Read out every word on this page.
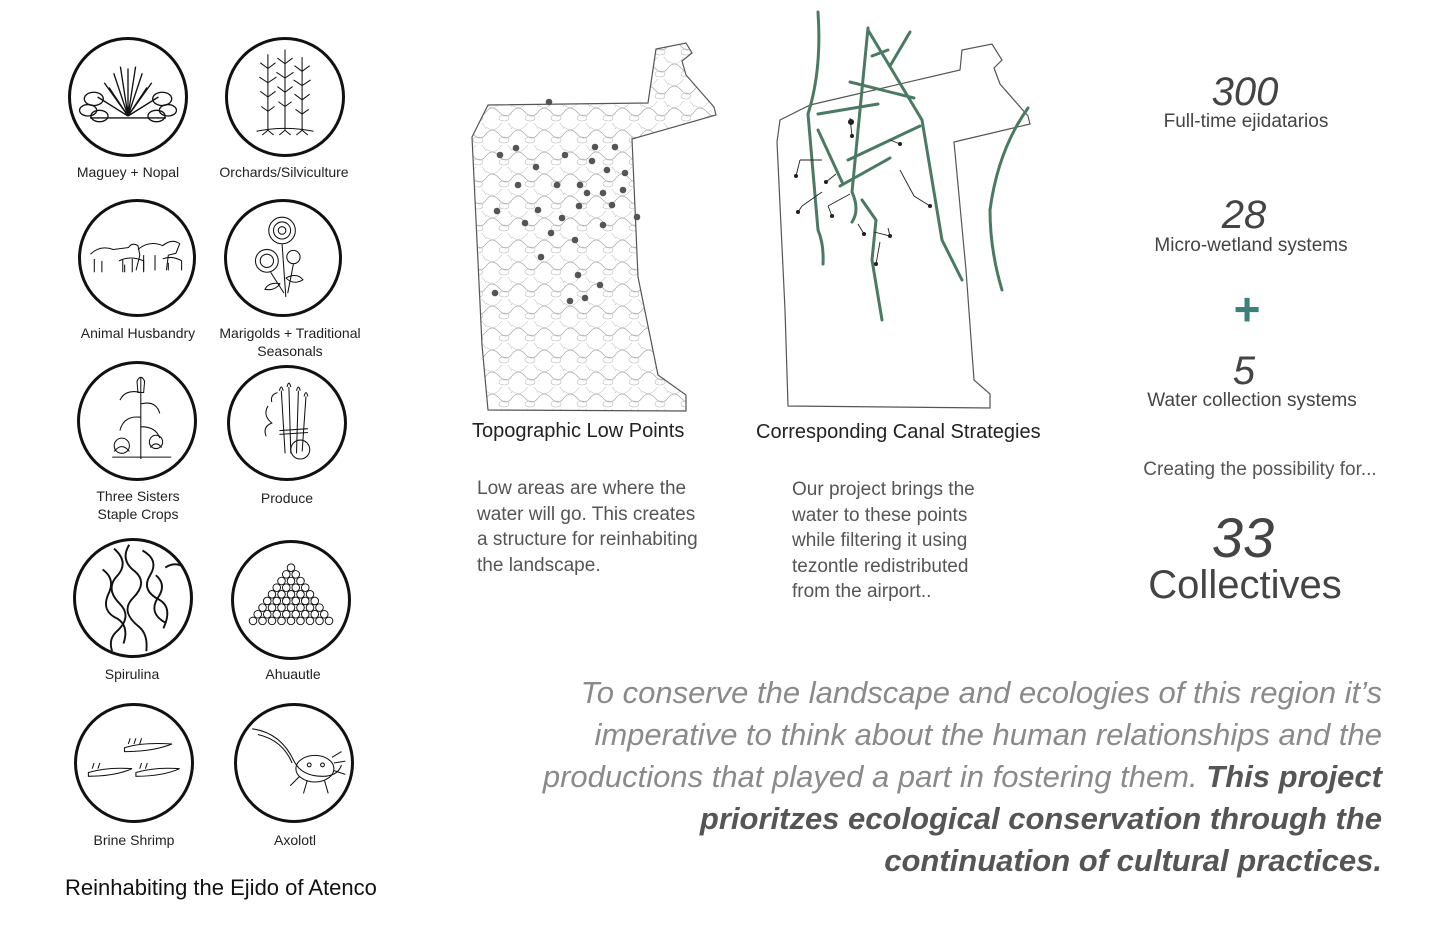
Maguey + Nopal	Orchards/Silviculture
Animal Husbandry	Marigolds + Traditional Seasonals
Three Sisters Staple Crops
Produce
Spirulina	Ahuautle
Brine Shrimp	Axolotl
Reinhabiting the Ejido of Atenco
Topographic Low Points	Corresponding Canal Strategies
Low areas are where the water will go. This creates a structure for reinhabiting the landscape.
Our project brings the water to these points while filtering it using tezontle redistributed from the airport..
300
Full-time ejidatarios
28
Micro-wetland systems
+
5
Water collection systems
Creating the possibility for...
33
Collectives
To conserve the landscape and ecologies of this region it’s imperative to think about the human relationships and the productions that played a part in fostering them. This project prioritzes ecological conservation through the continuation of cultural practices.
